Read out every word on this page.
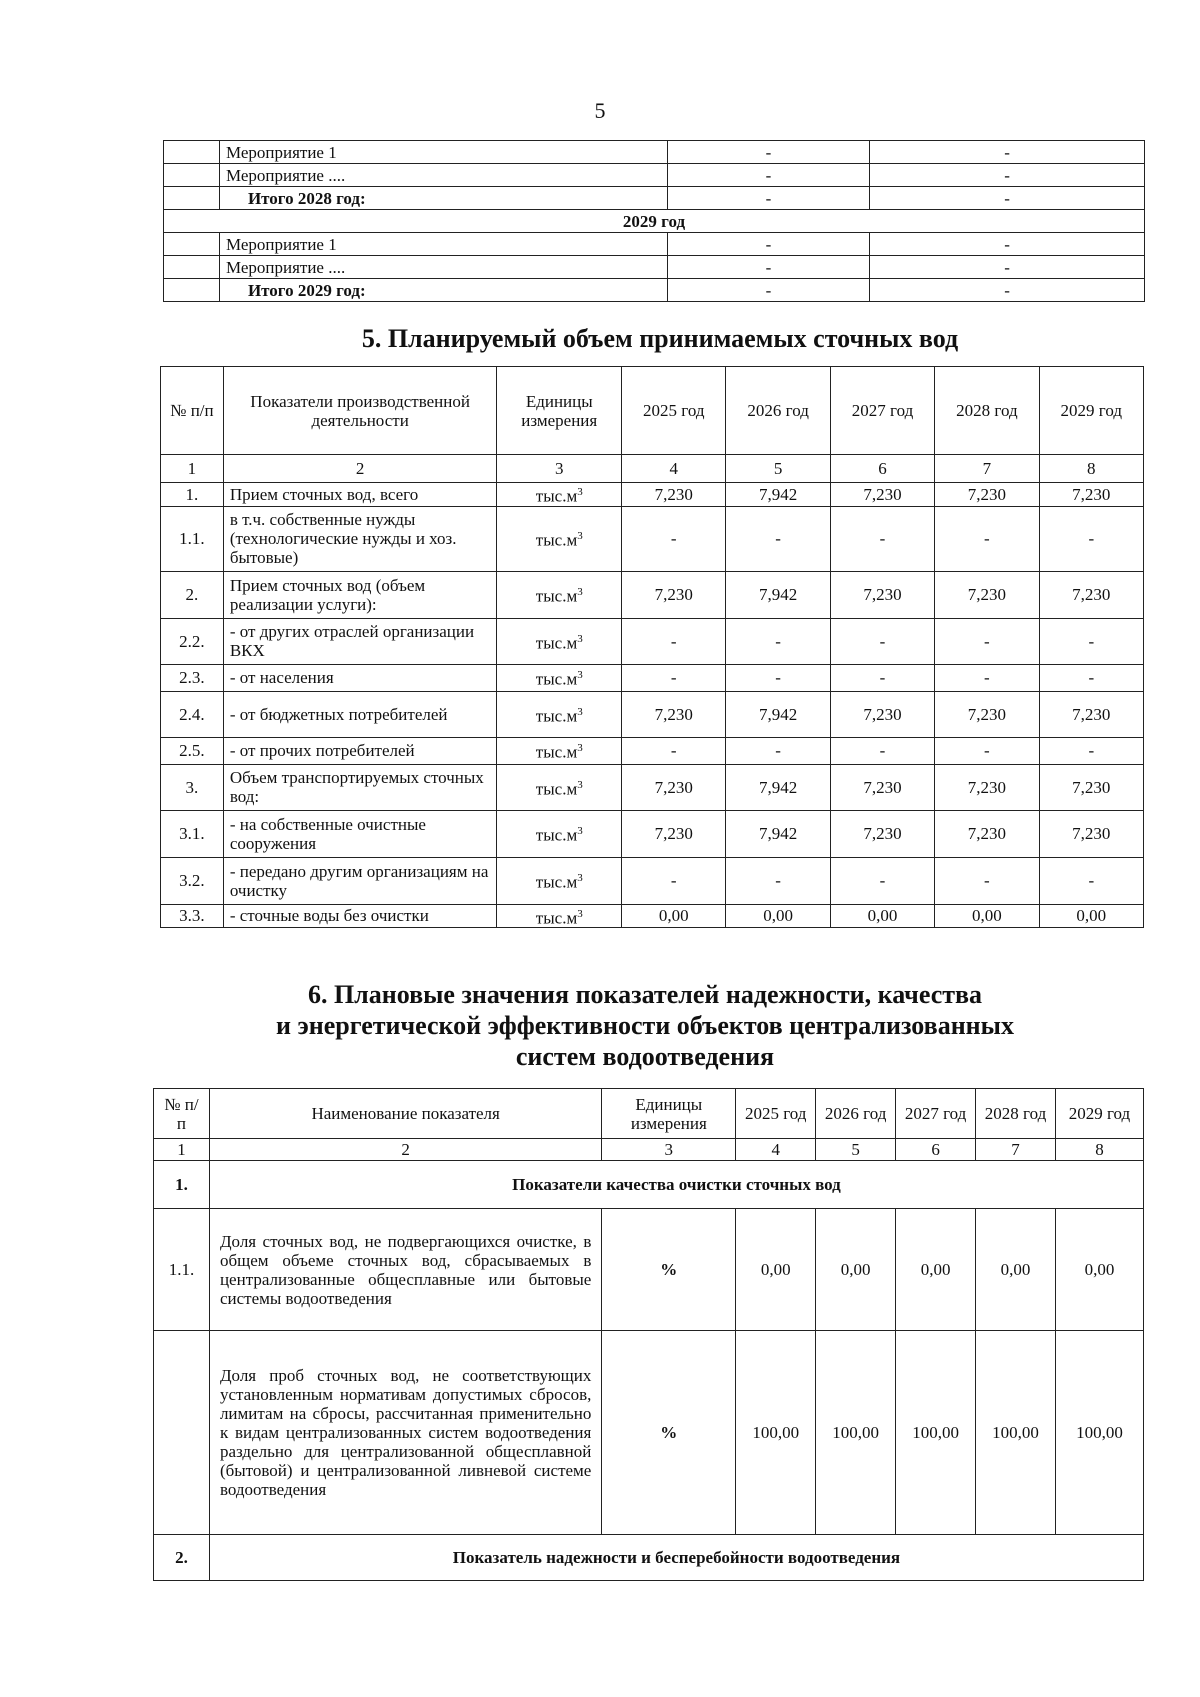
5
	Мероприятие 1	-	-
	Мероприятие ....	-	-
	Итого 2028 год:	-	-
2029 год			
	Мероприятие 1	-	-
	Мероприятие ....	-	-
	Итого 2029 год:	-	-
5. Планируемый объем принимаемых сточных вод
№ п/п	Показатели производственной деятельности	Единицы измерения	2025 год	2026 год	2027 год	2028 год	2029 год
1	2	3	4	5	6	7	8
1.	Прием сточных вод, всего	$тыс.м^3$	7,230	7,942	7,230	7,230	7,230
1.1.	в т.ч. собственные нужды (технологические нужды и хоз. бытовые)	$тыс.м^3$	-	-	-	-	-
2.	Прием сточных вод (объем реализации услуги):	$тыс.м^3$	7,230	7,942	7,230	7,230	7,230
2.2.	- от других отраслей организации ВКХ	$тыс.м^3$	-	-	-	-	-
2.3.	- от населения	$тыс.м^3$	-	-	-	-	-
2.4.	- от бюджетных потребителей	$тыс.м^3$	7,230	7,942	7,230	7,230	7,230
2.5.	- от прочих потребителей	$тыс.м^3$	-	-	-	-	-
3.	Объем транспортируемых сточных вод:	$тыс.м^3$	7,230	7,942	7,230	7,230	7,230
3.1.	- на собственные очистные сооружения	$тыс.м^3$	7,230	7,942	7,230	7,230	7,230
3.2.	- передано другим организациям на очистку	$тыс.м^3$	-	-	-	-	-
3.3.	- сточные воды без очистки	$тыс.м^3$	0,00	0,00	0,00	0,00	0,00
6. Плановые значения показателей надежности, качества
и энергетической эффективности объектов централизованных
систем водоотведения
№ п/п	Наименование показателя	Единицы измерения	2025 год	2026 год	2027 год	2028 год	2029 год
1	2	3	4	5	6	7	8
1.	Показатели качества очистки сточных вод						
1.1.	Доля сточных вод, не подвергающихся очистке, в общем объеме сточных вод, сбрасываемых в централизованные общесплавные или бытовые системы водоотведения	%	0,00	0,00	0,00	0,00	0,00
	Доля проб сточных вод, не соответствующих установленным нормативам допустимых сбросов, лимитам на сбросы, рассчитанная применительно к видам централизованных систем водоотведения раздельно для централизованной общесплавной (бытовой) и централизованной ливневой системе водоотведения	%	100,00	100,00	100,00	100,00	100,00
2.	Показатель надежности и бесперебойности водоотведения						
